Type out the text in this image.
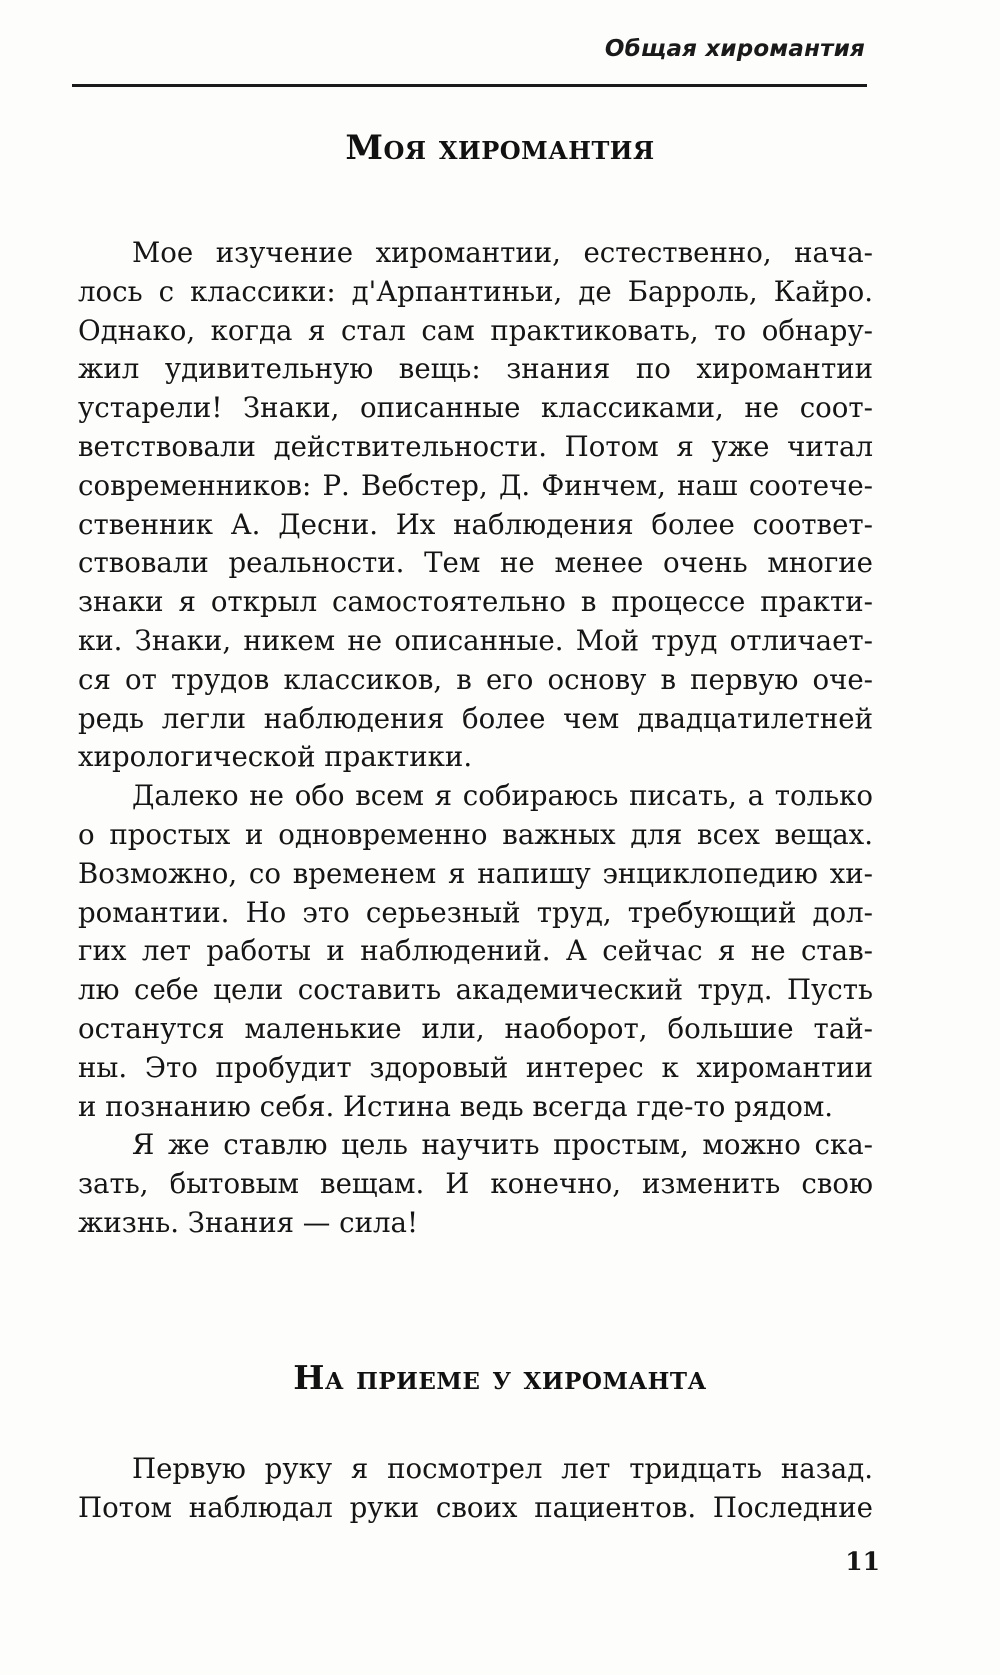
Общая хиромантия
Моя хиромантия
Мое изучение хиромантии, естественно, нача-
лось с классики: д'Арпантиньи, де Барроль, Кайро.
Однако, когда я стал сам практиковать, то обнару-
жил удивительную вещь: знания по хиромантии
устарели! Знаки, описанные классиками, не соот-
ветствовали действительности. Потом я уже читал
современников: Р. Вебстер, Д. Финчем, наш соотече-
ственник А. Десни. Их наблюдения более соответ-
ствовали реальности. Тем не менее очень многие
знаки я открыл самостоятельно в процессе практи-
ки. Знаки, никем не описанные. Мой труд отличает-
ся от трудов классиков, в его основу в первую оче-
редь легли наблюдения более чем двадцатилетней
хирологической практики.
Далеко не обо всем я собираюсь писать, а только
о простых и одновременно важных для всех вещах.
Возможно, со временем я напишу энциклопедию хи-
романтии. Но это серьезный труд, требующий дол-
гих лет работы и наблюдений. А сейчас я не став-
лю себе цели составить академический труд. Пусть
останутся маленькие или, наоборот, большие тай-
ны. Это пробудит здоровый интерес к хиромантии
и познанию себя. Истина ведь всегда где-то рядом.
Я же ставлю цель научить простым, можно ска-
зать, бытовым вещам. И конечно, изменить свою
жизнь. Знания — сила!
На приеме у хироманта
Первую руку я посмотрел лет тридцать назад.
Потом наблюдал руки своих пациентов. Последние
11
